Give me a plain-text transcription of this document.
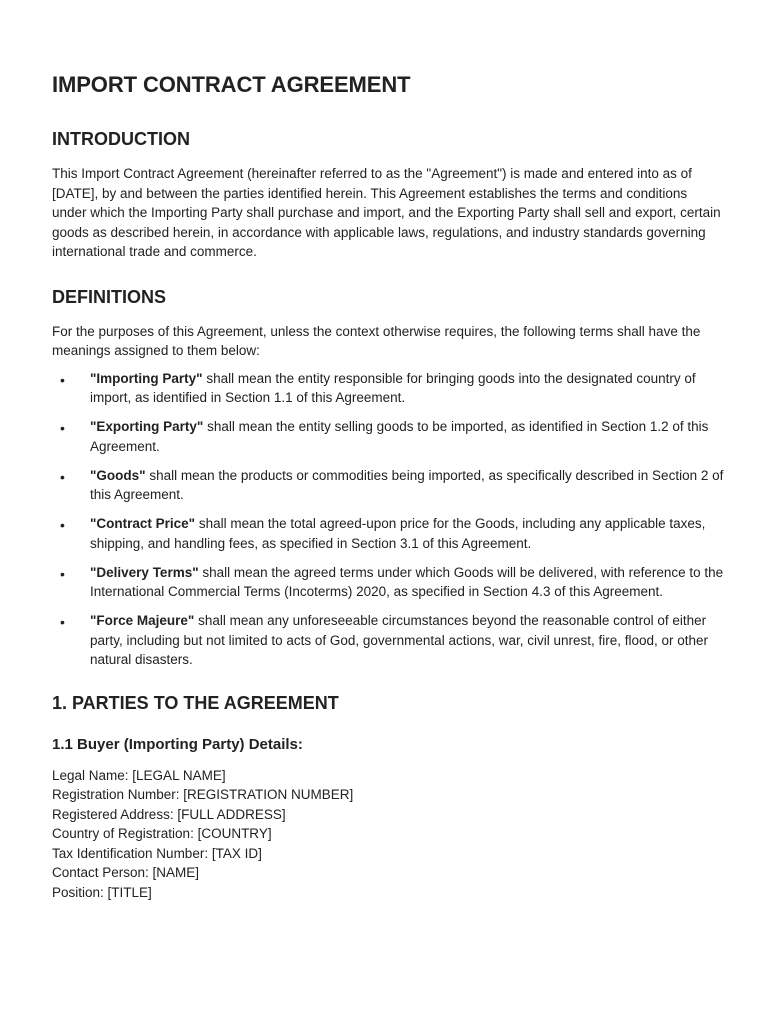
IMPORT CONTRACT AGREEMENT
INTRODUCTION

This Import Contract Agreement (hereinafter referred to as the "Agreement") is made and entered into as of [DATE], by and between the parties identified herein. This Agreement establishes the terms and conditions under which the Importing Party shall purchase and import, and the Exporting Party shall sell and export, certain goods as described herein, in accordance with applicable laws, regulations, and industry standards governing international trade and commerce.

DEFINITIONS

For the purposes of this Agreement, unless the context otherwise requires, the following terms shall have the meanings assigned to them below:

• "Importing Party" shall mean the entity responsible for bringing goods into the designated country of import, as identified in Section 1.1 of this Agreement.
• "Exporting Party" shall mean the entity selling goods to be imported, as identified in Section 1.2 of this Agreement.
• "Goods" shall mean the products or commodities being imported, as specifically described in Section 2 of this Agreement.
• "Contract Price" shall mean the total agreed-upon price for the Goods, including any applicable taxes, shipping, and handling fees, as specified in Section 3.1 of this Agreement.
• "Delivery Terms" shall mean the agreed terms under which Goods will be delivered, with reference to the International Commercial Terms (Incoterms) 2020, as specified in Section 4.3 of this Agreement.
• "Force Majeure" shall mean any unforeseeable circumstances beyond the reasonable control of either party, including but not limited to acts of God, governmental actions, war, civil unrest, fire, flood, or other natural disasters.
1. PARTIES TO THE AGREEMENT
1.1 Buyer (Importing Party) Details:

Legal Name: [LEGAL NAME]

Registration Number: [REGISTRATION NUMBER]

Registered Address: [FULL ADDRESS]

Country of Registration: [COUNTRY]

Tax Identification Number: [TAX ID]

Contact Person: [NAME]

Position: [TITLE]
